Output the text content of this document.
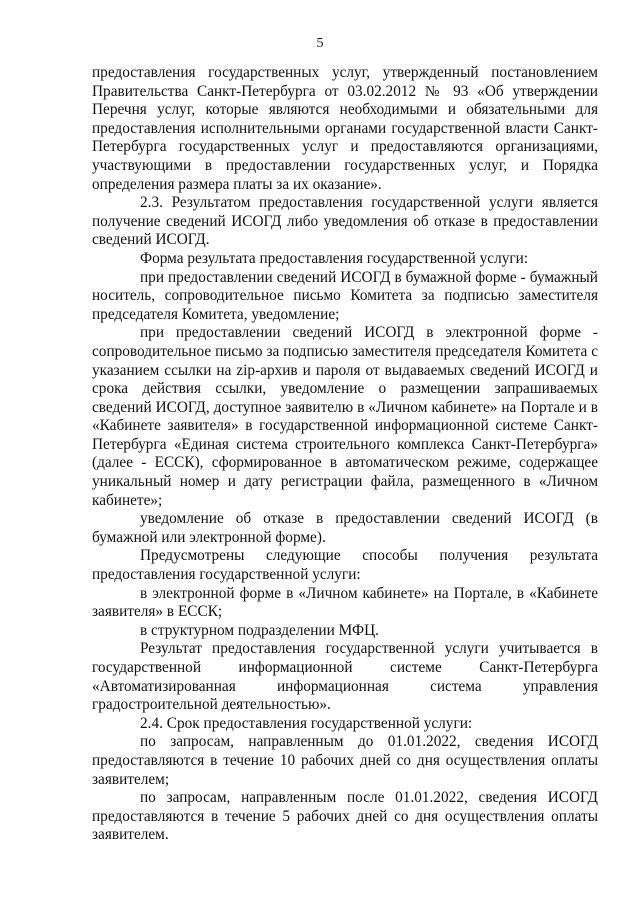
5

предоставления государственных услуг, утвержденный постановлением Правительства Санкт-Петербурга от 03.02.2012 № 93 «Об утверждении Перечня услуг, которые являются необходимыми и обязательными для предоставления исполнительными органами государственной власти Санкт-Петербурга государственных услуг и предоставляются организациями, участвующими в предоставлении государственных услуг, и Порядка определения размера платы за их оказание».

2.3. Результатом предоставления государственной услуги является получение сведений ИСОГД либо уведомления об отказе в предоставлении сведений ИСОГД.

Форма результата предоставления государственной услуги:

при предоставлении сведений ИСОГД в бумажной форме - бумажный носитель, сопроводительное письмо Комитета за подписью заместителя председателя Комитета, уведомление;

при предоставлении сведений ИСОГД в электронной форме - сопроводительное письмо за подписью заместителя председателя Комитета с указанием ссылки на zip-архив и пароля от выдаваемых сведений ИСОГД и срока действия ссылки, уведомление о размещении запрашиваемых сведений ИСОГД, доступное заявителю в «Личном кабинете» на Портале и в «Кабинете заявителя» в государственной информационной системе Санкт-Петербурга «Единая система строительного комплекса Санкт-Петербурга» (далее - ЕССК), сформированное в автоматическом режиме, содержащее уникальный номер и дату регистрации файла, размещенного в «Личном кабинете»;

уведомление об отказе в предоставлении сведений ИСОГД (в бумажной или электронной форме).

Предусмотрены следующие способы получения результата предоставления государственной услуги:

в электронной форме в «Личном кабинете» на Портале, в «Кабинете заявителя» в ЕССК;

в структурном подразделении МФЦ.

Результат предоставления государственной услуги учитывается в государственной информационной системе Санкт-Петербурга «Автоматизированная информационная система управления градостроительной деятельностью».

2.4. Срок предоставления государственной услуги:

по запросам, направленным до 01.01.2022, сведения ИСОГД предоставляются в течение 10 рабочих дней со дня осуществления оплаты заявителем;

по запросам, направленным после 01.01.2022, сведения ИСОГД предоставляются в течение 5 рабочих дней со дня осуществления оплаты заявителем.
